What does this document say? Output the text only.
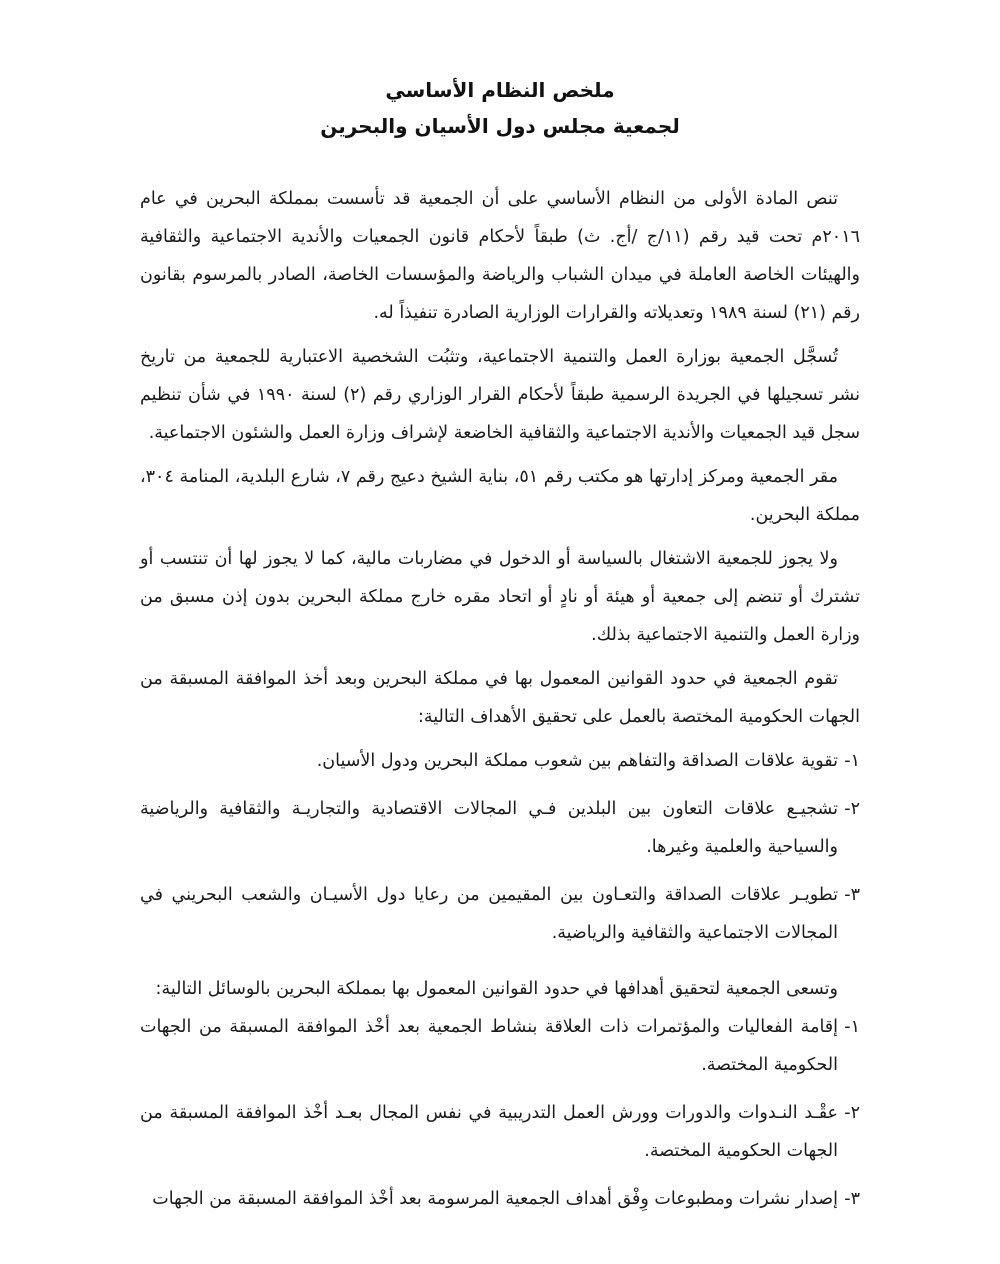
ملخص النظام الأساسي
لجمعية مجلس دول الأسيان والبحرين

تنص المادة الأولى من النظام الأساسي على أن الجمعية قد تأسست بمملكة البحرين في عام ٢٠١٦م تحت قيد رقم (١١/ج /أج. ث) طبقاً لأحكام قانون الجمعيات والأندية الاجتماعية والثقافية والهيئات الخاصة العاملة في ميدان الشباب والرياضة والمؤسسات الخاصة، الصادر بالمرسوم بقانون رقم (٢١) لسنة ١٩٨٩ وتعديلاته والقرارات الوزارية الصادرة تنفيذاً له.

تُسجَّل الجمعية بوزارة العمل والتنمية الاجتماعية، وتثبُت الشخصية الاعتبارية للجمعية من تاريخ نشر تسجيلها في الجريدة الرسمية طبقاً لأحكام القرار الوزاري رقم (٢) لسنة ١٩٩٠ في شأن تنظيم سجل قيد الجمعيات والأندية الاجتماعية والثقافية الخاضعة لإشراف وزارة العمل والشئون الاجتماعية.

مقر الجمعية ومركز إدارتها هو مكتب رقم ٥١، بناية الشيخ دعيج رقم ٧، شارع البلدية، المنامة ٣٠٤، مملكة البحرين.

ولا يجوز للجمعية الاشتغال بالسياسة أو الدخول في مضاربات مالية، كما لا يجوز لها أن تنتسب أو تشترك أو تنضم إلى جمعية أو هيئة أو نادٍ أو اتحاد مقره خارج مملكة البحرين بدون إذن مسبق من وزارة العمل والتنمية الاجتماعية بذلك.

تقوم الجمعية في حدود القوانين المعمول بها في مملكة البحرين وبعد أخذ الموافقة المسبقة من الجهات الحكومية المختصة بالعمل على تحقيق الأهداف التالية:

١-
تقوية علاقات الصداقة والتفاهم بين شعوب مملكة البحرين ودول الأسيان.
٢-
تشجيـع علاقات التعاون بين البلدين فـي المجالات الاقتصادية والتجاريـة والثقافية والرياضية والسياحية والعلمية وغيرها.
٣-
تطويـر علاقات الصداقة والتعـاون بين المقيمين من رعايا دول الأسيـان والشعب البحريني في المجالات الاجتماعية والثقافية والرياضية.

وتسعى الجمعية لتحقيق أهدافها في حدود القوانين المعمول بها بمملكة البحرين بالوسائل التالية:

١-
إقامة الفعاليات والمؤتمرات ذات العلاقة بنشاط الجمعية بعد أخْذ الموافقة المسبقة من الجهات الحكومية المختصة.
٢-
عقْـد النـدوات والدورات وورش العمل التدريبية في نفس المجال بعـد أخْذ الموافقة المسبقة من الجهات الحكومية المختصة.
٣-
إصدار نشرات ومطبوعات وِفْق أهداف الجمعية المرسومة بعد أخْذ الموافقة المسبقة من الجهات
